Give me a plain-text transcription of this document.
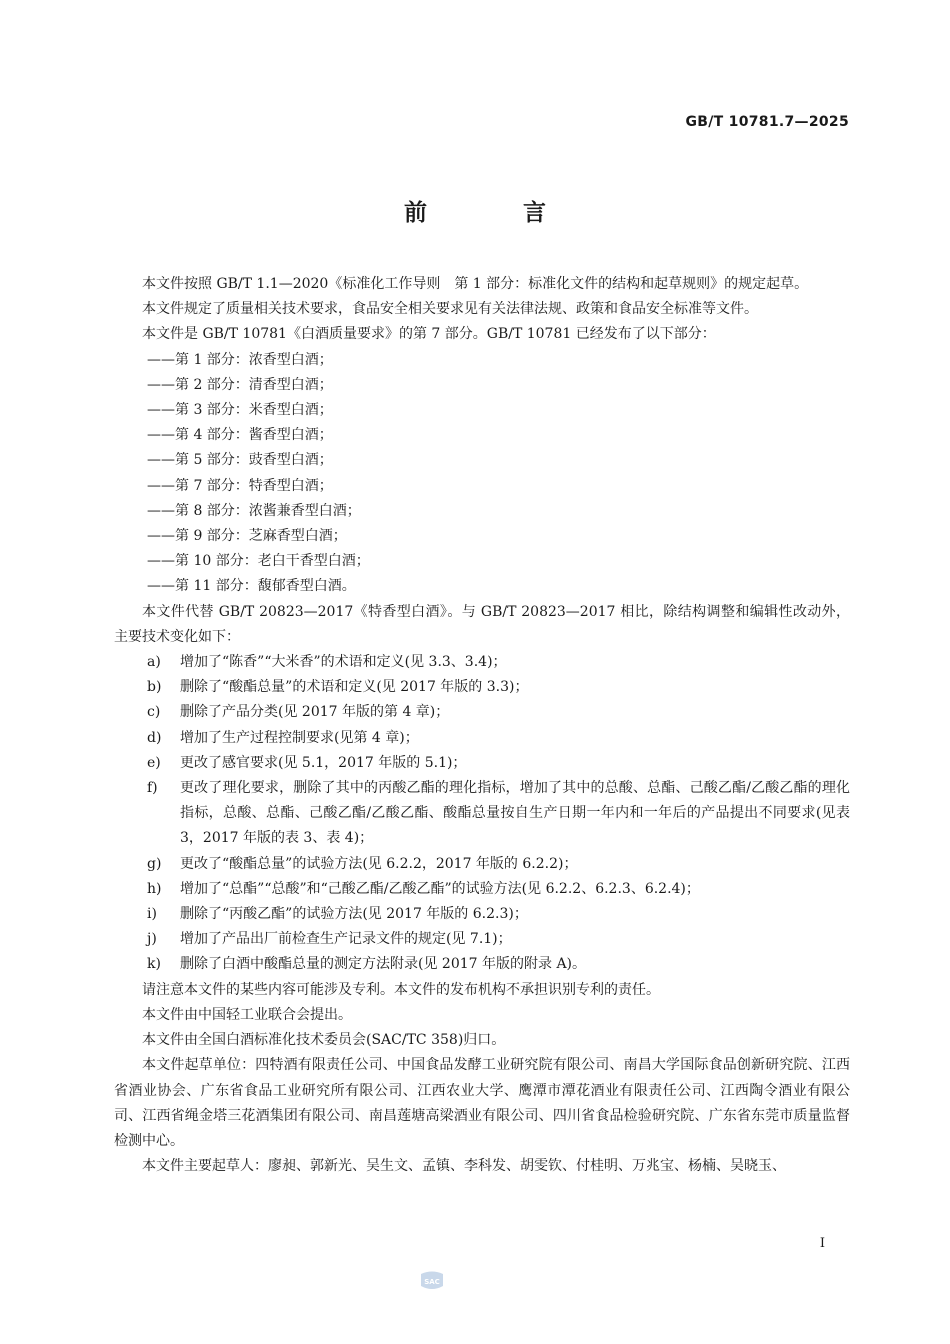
GB/T 10781.7—2025
前 言
本文件按照 GB/T 1.1—2020《标准化工作导则　第 1 部分：标准化文件的结构和起草规则》的规定起草。
本文件规定了质量相关技术要求，食品安全相关要求见有关法律法规、政策和食品安全标准等文件。
本文件是 GB/T 10781《白酒质量要求》的第 7 部分。GB/T 10781 已经发布了以下部分：
——第 1 部分：浓香型白酒；
——第 2 部分：清香型白酒；
——第 3 部分：米香型白酒；
——第 4 部分：酱香型白酒；
——第 5 部分：豉香型白酒；
——第 7 部分：特香型白酒；
——第 8 部分：浓酱兼香型白酒；
——第 9 部分：芝麻香型白酒；
——第 10 部分：老白干香型白酒；
——第 11 部分：馥郁香型白酒。
本文件代替 GB/T 20823—2017《特香型白酒》。与 GB/T 20823—2017 相比，除结构调整和编辑性改动外，主要技术变化如下：
a)	增加了“陈香”“大米香”的术语和定义(见 3.3、3.4)；
b)	删除了“酸酯总量”的术语和定义(见 2017 年版的 3.3)；
c)	删除了产品分类(见 2017 年版的第 4 章)；
d)	增加了生产过程控制要求(见第 4 章)；
e)	更改了感官要求(见 5.1，2017 年版的 5.1)；
f)	更改了理化要求，删除了其中的丙酸乙酯的理化指标，增加了其中的总酸、总酯、己酸乙酯/乙酸乙酯的理化指标，总酸、总酯、己酸乙酯/乙酸乙酯、酸酯总量按自生产日期一年内和一年后的产品提出不同要求(见表 3，2017 年版的表 3、表 4)；
g)	更改了“酸酯总量”的试验方法(见 6.2.2，2017 年版的 6.2.2)；
h)	增加了“总酯”“总酸”和“己酸乙酯/乙酸乙酯”的试验方法(见 6.2.2、6.2.3、6.2.4)；
i)	删除了“丙酸乙酯”的试验方法(见 2017 年版的 6.2.3)；
j)	增加了产品出厂前检查生产记录文件的规定(见 7.1)；
k)	删除了白酒中酸酯总量的测定方法附录(见 2017 年版的附录 A)。
请注意本文件的某些内容可能涉及专利。本文件的发布机构不承担识别专利的责任。
本文件由中国轻工业联合会提出。
本文件由全国白酒标准化技术委员会(SAC/TC 358)归口。
本文件起草单位：四特酒有限责任公司、中国食品发酵工业研究院有限公司、南昌大学国际食品创新研究院、江西省酒业协会、广东省食品工业研究所有限公司、江西农业大学、鹰潭市潭花酒业有限责任公司、江西陶令酒业有限公司、江西省绳金塔三花酒集团有限公司、南昌莲塘高梁酒业有限公司、四川省食品检验研究院、广东省东莞市质量监督检测中心。
本文件主要起草人：廖昶、郭新光、吴生文、孟镇、李科发、胡雯钦、付桂明、万兆宝、杨楠、吴晓玉、
I
SAC
